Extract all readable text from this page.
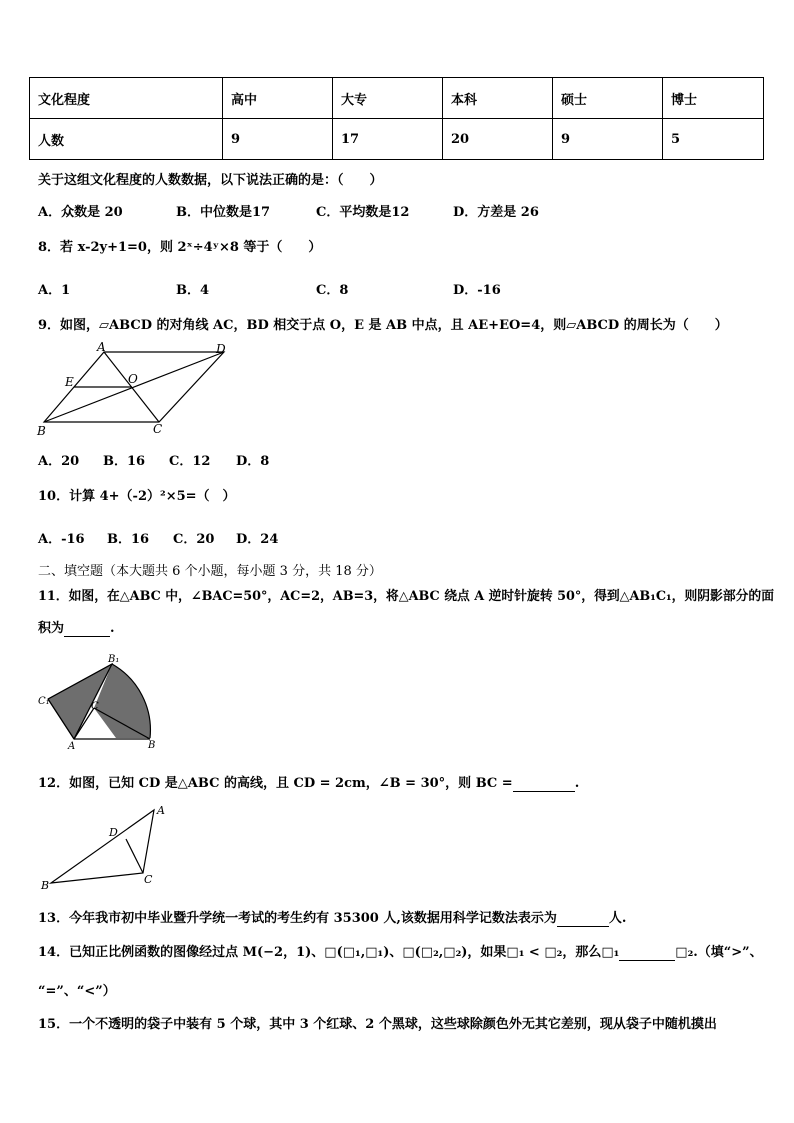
文化程度	高中	大专	本科	硕士	博士
人数	9	17	20	9	5
关于这组文化程度的人数数据，以下说法正确的是：（　　）
A．众数是 20	B．中位数是17	C．平均数是12	D．方差是 26
8．若 x-2y+1=0，则 2ˣ÷4ʸ×8 等于（　　）
A．1	B．4	C．8	D．-16
9．如图，▱ABCD 的对角线 AC，BD 相交于点 O，E 是 AB 中点，且 AE+EO=4，则▱ABCD 的周长为（　　）
A	D
E	O
B	C
A．20 B．16 C．12 D．8
10．计算 4+（-2）²×5=（　）
A．-16 B．16 C．20 D．24
二、填空题（本大题共 6 个小题，每小题 3 分，共 18 分）
11．如图，在△ABC 中，∠BAC=50°，AC=2，AB=3，将△ABC 绕点 A 逆时针旋转 50°，得到△AB₁C₁，则阴影部分的面
积为	.
B₁
C₁	C
A	B
12．如图，已知 CD 是△ABC 的高线，且 CD = 2cm，∠B = 30°，则 BC =	.
A
D
B	C
13．今年我市初中毕业暨升学统一考试的考生约有 35300 人,该数据用科学记数法表示为	人.
14．已知正比例函数的图像经过点 M(−2，1)、□(□₁,□₁)、□(□₂,□₂)，如果□₁ < □₂，那么□₁	□₂.（填“>”、
“=”、“<”）
15．一个不透明的袋子中装有 5 个球，其中 3 个红球、2 个黑球，这些球除颜色外无其它差别，现从袋子中随机摸出
